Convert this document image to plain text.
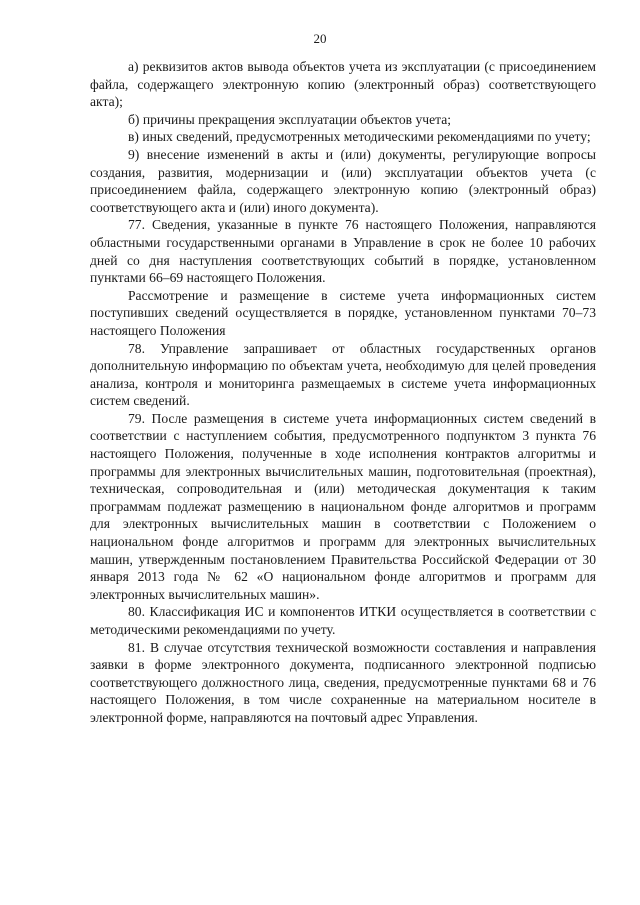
20

а) реквизитов актов вывода объектов учета из эксплуатации (с присоединением файла, содержащего электронную копию (электронный образ) соответствующего акта);

б) причины прекращения эксплуатации объектов учета;

в) иных сведений, предусмотренных методическими рекомендациями по учету;

9) внесение изменений в акты и (или) документы, регулирующие вопросы создания, развития, модернизации и (или) эксплуатации объектов учета (с присоединением файла, содержащего электронную копию (электронный образ) соответствующего акта и (или) иного документа).

77. Сведения, указанные в пункте 76 настоящего Положения, направляются областными государственными органами в Управление в срок не более 10 рабочих дней со дня наступления соответствующих событий в порядке, установленном пунктами 66–69 настоящего Положения.

Рассмотрение и размещение в системе учета информационных систем поступивших сведений осуществляется в порядке, установленном пунктами 70–73 настоящего Положения

78. Управление запрашивает от областных государственных органов дополнительную информацию по объектам учета, необходимую для целей проведения анализа, контроля и мониторинга размещаемых в системе учета информационных систем сведений.

79. После размещения в системе учета информационных систем сведений в соответствии с наступлением события, предусмотренного подпунктом 3 пункта 76 настоящего Положения, полученные в ходе исполнения контрактов алгоритмы и программы для электронных вычислительных машин, подготовительная (проектная), техническая, сопроводительная и (или) методическая документация к таким программам подлежат размещению в национальном фонде алгоритмов и программ для электронных вычислительных машин в соответствии с Положением о национальном фонде алгоритмов и программ для электронных вычислительных машин, утвержденным постановлением Правительства Российской Федерации от 30 января 2013 года № 62 «О национальном фонде алгоритмов и программ для электронных вычислительных машин».

80. Классификация ИС и компонентов ИТКИ осуществляется в соответствии с методическими рекомендациями по учету.

81. В случае отсутствия технической возможности составления и направления заявки в форме электронного документа, подписанного электронной подписью соответствующего должностного лица, сведения, предусмотренные пунктами 68 и 76 настоящего Положения, в том числе сохраненные на материальном носителе в электронной форме, направляются на почтовый адрес Управления.
